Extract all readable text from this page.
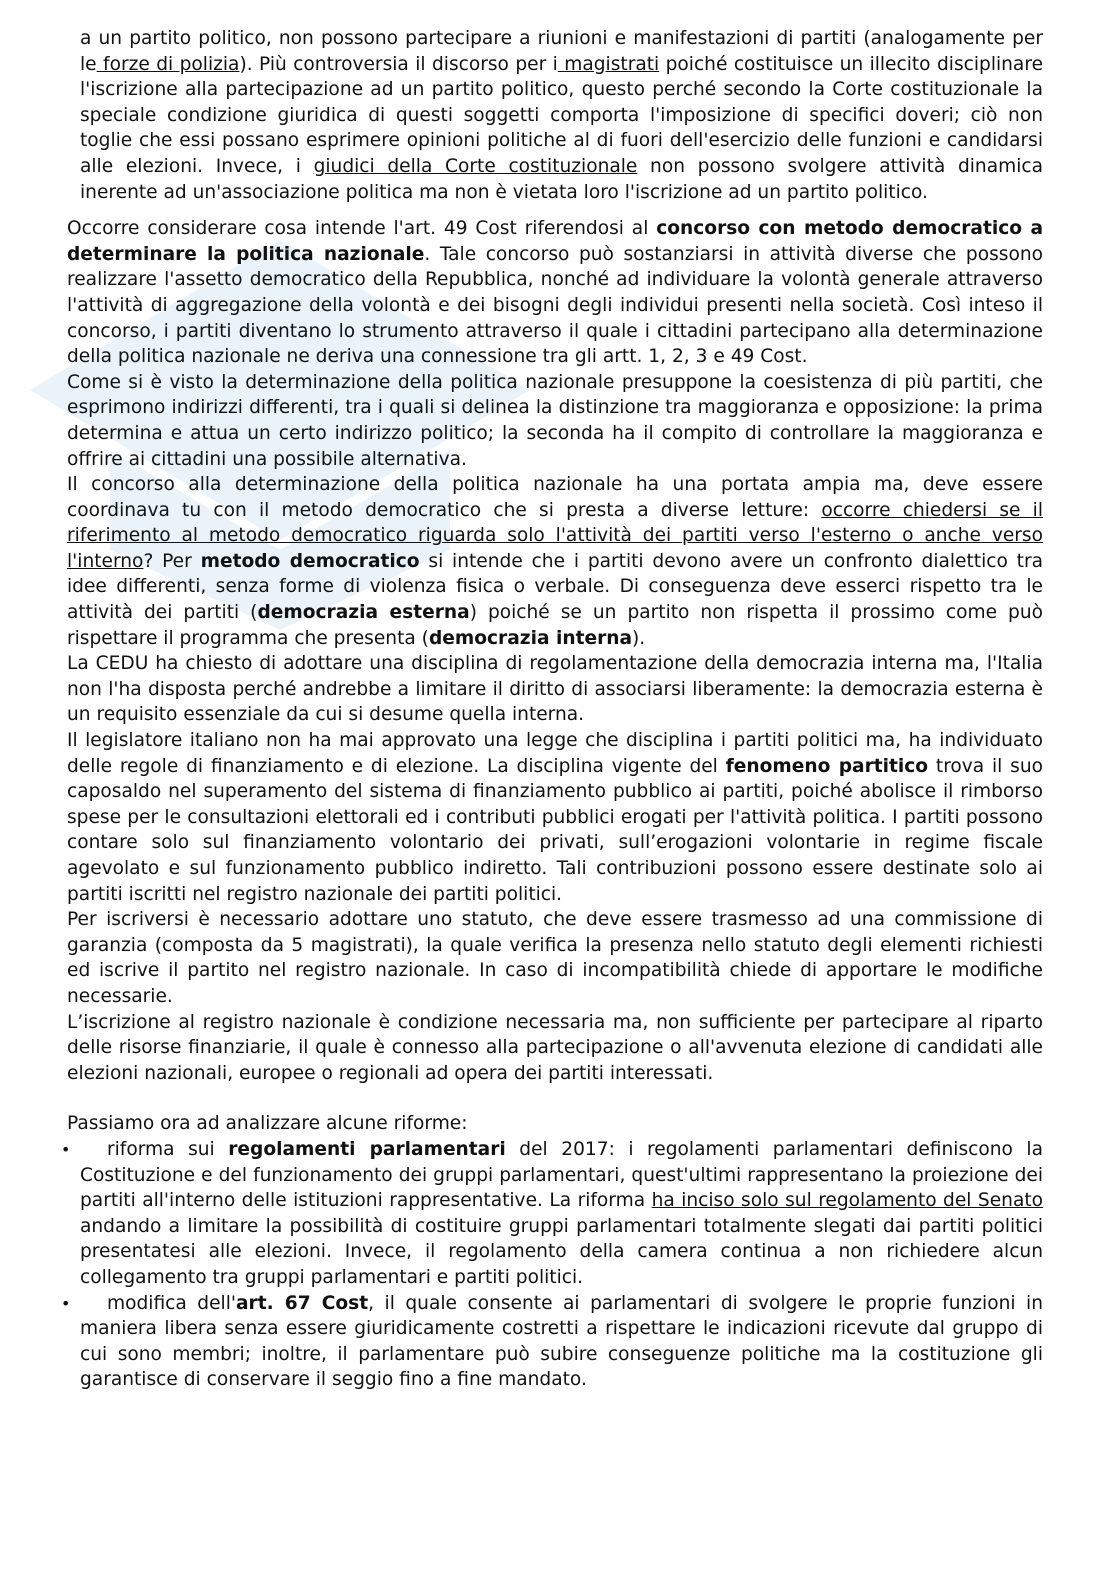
a un partito politico, non possono partecipare a riunioni e manifestazioni di partiti (analogamente per le forze di polizia). Più controversia il discorso per i magistrati poiché costituisce un illecito disciplinare l'iscrizione alla partecipazione ad un partito politico, questo perché secondo la Corte costituzionale la speciale condizione giuridica di questi soggetti comporta l'imposizione di specifici doveri; ciò non toglie che essi possano esprimere opinioni politiche al di fuori dell'esercizio delle funzioni e candidarsi alle elezioni. Invece, i giudici della Corte costituzionale non possono svolgere attività dinamica inerente ad un'associazione politica ma non è vietata loro l'iscrizione ad un partito politico.

Occorre considerare cosa intende l'art. 49 Cost riferendosi al concorso con metodo democratico a determinare la politica nazionale. Tale concorso può sostanziarsi in attività diverse che possono realizzare l'assetto democratico della Repubblica, nonché ad individuare la volontà generale attraverso l'attività di aggregazione della volontà e dei bisogni degli individui presenti nella società. Così inteso il concorso, i partiti diventano lo strumento attraverso il quale i cittadini partecipano alla determinazione della politica nazionale ne deriva una connessione tra gli artt. 1, 2, 3 e 49 Cost.

Come si è visto la determinazione della politica nazionale presuppone la coesistenza di più partiti, che esprimono indirizzi differenti, tra i quali si delinea la distinzione tra maggioranza e opposizione: la prima determina e attua un certo indirizzo politico; la seconda ha il compito di controllare la maggioranza e offrire ai cittadini una possibile alternativa.

Il concorso alla determinazione della politica nazionale ha una portata ampia ma, deve essere coordinava tu con il metodo democratico che si presta a diverse letture: occorre chiedersi se il riferimento al metodo democratico riguarda solo l'attività dei partiti verso l'esterno o anche verso l'interno? Per metodo democratico si intende che i partiti devono avere un confronto dialettico tra idee differenti, senza forme di violenza fisica o verbale. Di conseguenza deve esserci rispetto tra le attività dei partiti (democrazia esterna) poiché se un partito non rispetta il prossimo come può rispettare il programma che presenta (democrazia interna).

La CEDU ha chiesto di adottare una disciplina di regolamentazione della democrazia interna ma, l'Italia non l'ha disposta perché andrebbe a limitare il diritto di associarsi liberamente: la democrazia esterna è un requisito essenziale da cui si desume quella interna.

Il legislatore italiano non ha mai approvato una legge che disciplina i partiti politici ma, ha individuato delle regole di finanziamento e di elezione. La disciplina vigente del fenomeno partitico trova il suo caposaldo nel superamento del sistema di finanziamento pubblico ai partiti, poiché abolisce il rimborso spese per le consultazioni elettorali ed i contributi pubblici erogati per l'attività politica. I partiti possono contare solo sul finanziamento volontario dei privati, sull’erogazioni volontarie in regime fiscale agevolato e sul funzionamento pubblico indiretto. Tali contribuzioni possono essere destinate solo ai partiti iscritti nel registro nazionale dei partiti politici.

Per iscriversi è necessario adottare uno statuto, che deve essere trasmesso ad una commissione di garanzia (composta da 5 magistrati), la quale verifica la presenza nello statuto degli elementi richiesti ed iscrive il partito nel registro nazionale. In caso di incompatibilità chiede di apportare le modifiche necessarie.

L’iscrizione al registro nazionale è condizione necessaria ma, non sufficiente per partecipare al riparto delle risorse finanziarie, il quale è connesso alla partecipazione o all'avvenuta elezione di candidati alle elezioni nazionali, europee o regionali ad opera dei partiti interessati.

Passiamo ora ad analizzare alcune riforme:

• riforma sui regolamenti parlamentari del 2017: i regolamenti parlamentari definiscono la Costituzione e del funzionamento dei gruppi parlamentari, quest'ultimi rappresentano la proiezione dei partiti all'interno delle istituzioni rappresentative. La riforma ha inciso solo sul regolamento del Senato andando a limitare la possibilità di costituire gruppi parlamentari totalmente slegati dai partiti politici presentatesi alle elezioni. Invece, il regolamento della camera continua a non richiedere alcun collegamento tra gruppi parlamentari e partiti politici.
• modifica dell'art. 67 Cost, il quale consente ai parlamentari di svolgere le proprie funzioni in maniera libera senza essere giuridicamente costretti a rispettare le indicazioni ricevute dal gruppo di cui sono membri; inoltre, il parlamentare può subire conseguenze politiche ma la costituzione gli garantisce di conservare il seggio fino a fine mandato.
